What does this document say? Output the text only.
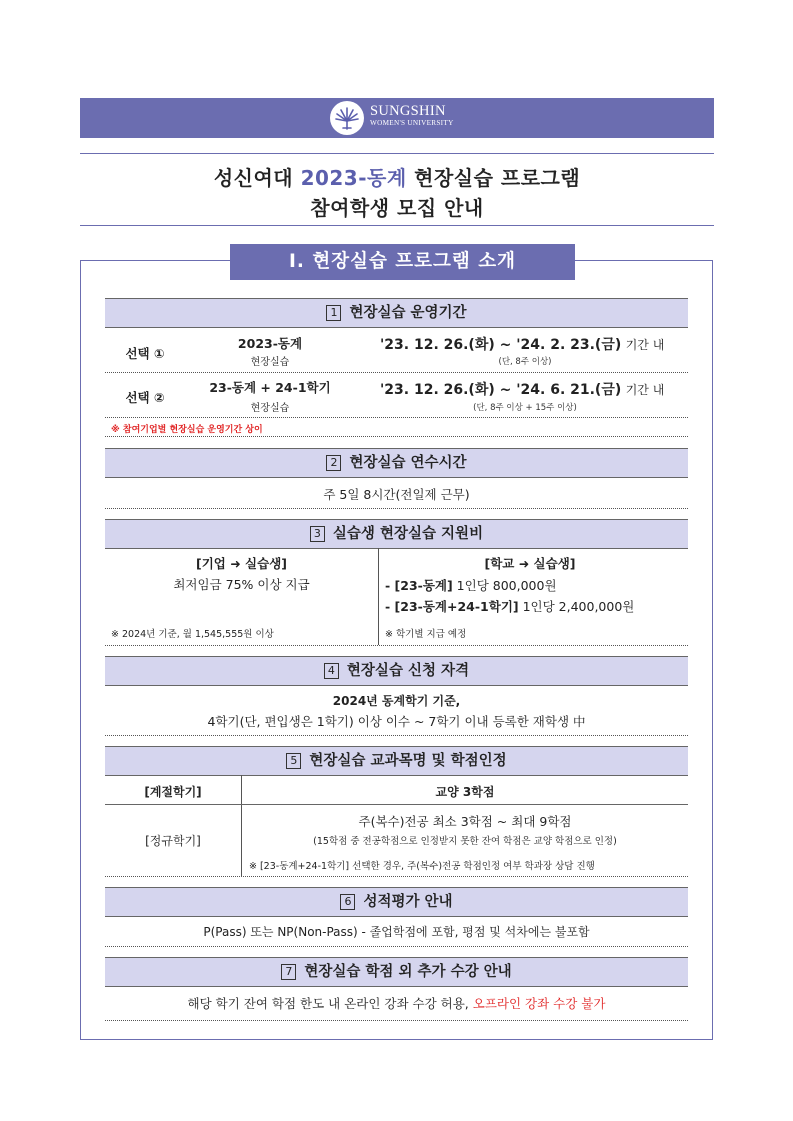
SUNGSHIN
WOMEN'S UNIVERSITY
성신여대 2023-동계 현장실습 프로그램
참여학생 모집 안내
Ⅰ. 현장실습 프로그램 소개
1 현장실습 운영기간
선택 ①
2023-동계
현장실습
'23. 12. 26.(화) ~ '24. 2. 23.(금) 기간 내
(단, 8주 이상)
선택 ②
23-동계 + 24-1학기
현장실습
'23. 12. 26.(화) ~ '24. 6. 21.(금) 기간 내
(단, 8주 이상 + 15주 이상)
※ 참여기업별 현장실습 운영기간 상이
2 현장실습 연수시간
주 5일 8시간(전일제 근무)
3 실습생 현장실습 지원비
[기업 ➜ 실습생]
최저임금 75% 이상 지급
※ 2024년 기준, 월 1,545,555원 이상
[학교 ➜ 실습생]
- [23-동계] 1인당 800,000원
- [23-동계+24-1학기] 1인당 2,400,000원
※ 학기별 지급 예정
4 현장실습 신청 자격
2024년 동계학기 기준,
4학기(단, 편입생은 1학기) 이상 이수 ~ 7학기 이내 등록한 재학생 中
5 현장실습 교과목명 및 학점인정
[계절학기]	교양 3학점
[정규학기]
주(복수)전공 최소 3학점 ~ 최대 9학점
(15학점 중 전공학점으로 인정받지 못한 잔여 학점은 교양 학점으로 인정)
※ [23-동계+24-1학기] 선택한 경우, 주(복수)전공 학점인정 여부 학과장 상담 진행
6 성적평가 안내
P(Pass) 또는 NP(Non-Pass) - 졸업학점에 포함, 평점 및 석차에는 불포함
7 현장실습 학점 외 추가 수강 안내
해당 학기 잔여 학점 한도 내 온라인 강좌 수강 허용, 오프라인 강좌 수강 불가
